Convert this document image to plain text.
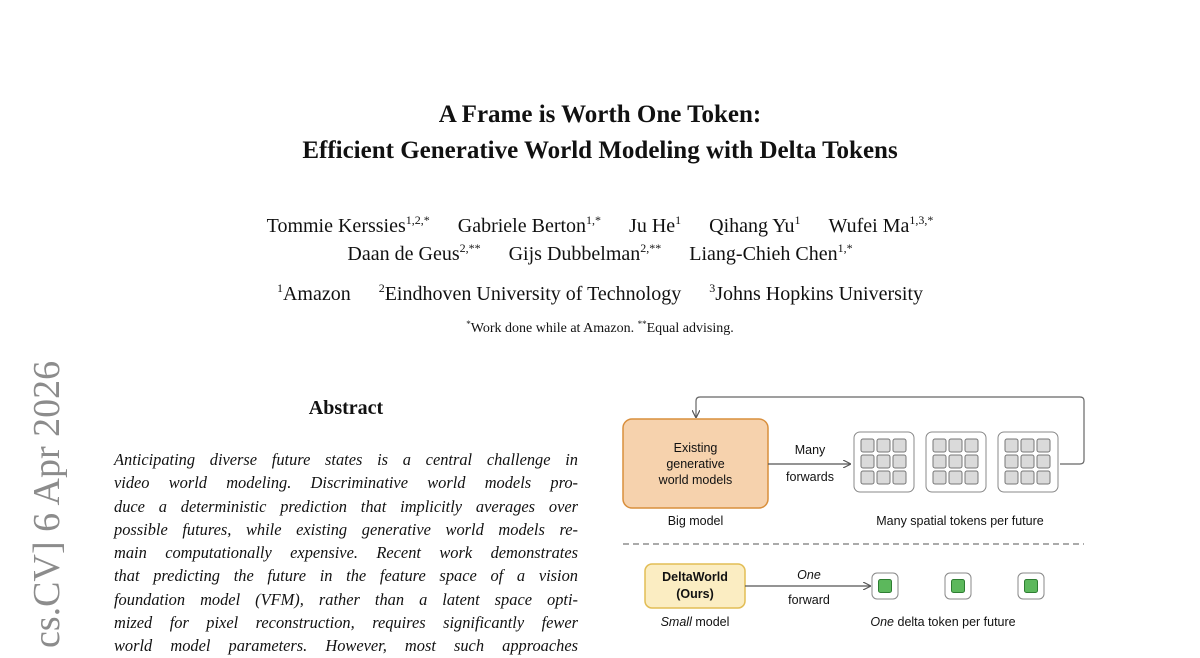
A Frame is Worth One Token:
Efficient Generative World Modeling with Delta Tokens
Tommie Kerssies$^{1,2,*}$ Gabriele Berton$^{1,*}$ Ju He$^1$ Qihang Yu$^1$ Wufei $Ma^{1,3,*}$
Daan de Geus$^{2,**}$ Gijs Dubbelman$^{2,**}$ Liang-Chieh Chen$^{1,*}$
$^1$Amazon $^2$Eindhoven University of Technology $^3$Johns Hopkins University
*Work done while at Amazon. **Equal advising.
cs.CV] 6 Apr 2026	Abstract
Anticipating diverse future states is a central challenge in
video world modeling. Discriminative world models pro-
duce a deterministic prediction that implicitly averages over
possible futures, while existing generative world models re-
main computationally expensive. Recent work demonstrates
that predicting the future in the feature space of a vision
foundation model (VFM), rather than a latent space opti-
mized for pixel reconstruction, requires significantly fewer
world model parameters. However, most such approaches
Existing
generative
world models
Many
forwards
Big model	Many spatial tokens per future
DeltaWorld
(Ours)
One
forward
Small model	One delta token per future
